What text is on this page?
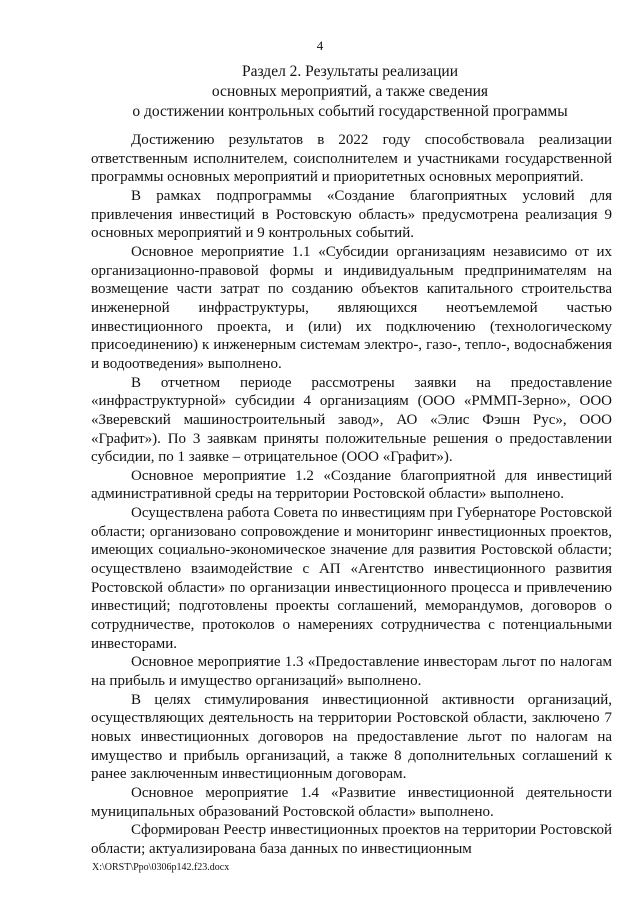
4
Раздел 2. Результаты реализации
основных мероприятий, а также сведения
о достижении контрольных событий государственной программы

Достижению результатов в 2022 году способствовала реализации ответственным исполнителем, соисполнителем и участниками государственной программы основных мероприятий и приоритетных основных мероприятий.

В рамках подпрограммы «Создание благоприятных условий для привлечения инвестиций в Ростовскую область» предусмотрена реализация 9 основных мероприятий и 9 контрольных событий.

Основное мероприятие 1.1 «Субсидии организациям независимо от их организационно-правовой формы и индивидуальным предпринимателям на возмещение части затрат по созданию объектов капитального строительства инженерной инфраструктуры, являющихся неотъемлемой частью инвестиционного проекта, и (или) их подключению (технологическому присоединению) к инженерным системам электро-, газо-, тепло-, водоснабжения и водоотведения» выполнено.

В отчетном периоде рассмотрены заявки на предоставление «инфраструктурной» субсидии 4 организациям (ООО «РММП-Зерно», ООО «Зверевский машиностроительный завод», АО «Элис Фэшн Рус», ООО «Графит»). По 3 заявкам приняты положительные решения о предоставлении субсидии, по 1 заявке – отрицательное (ООО «Графит»).

Основное мероприятие 1.2 «Создание благоприятной для инвестиций административной среды на территории Ростовской области» выполнено.

Осуществлена работа Совета по инвестициям при Губернаторе Ростовской области; организовано сопровождение и мониторинг инвестиционных проектов, имеющих социально-экономическое значение для развития Ростовской области; осуществлено взаимодействие с АП «Агентство инвестиционного развития Ростовской области» по организации инвестиционного процесса и привлечению инвестиций; подготовлены проекты соглашений, меморандумов, договоров о сотрудничестве, протоколов о намерениях сотрудничества с потенциальными инвесторами.

Основное мероприятие 1.3 «Предоставление инвесторам льгот по налогам на прибыль и имущество организаций» выполнено.

В целях стимулирования инвестиционной активности организаций, осуществляющих деятельность на территории Ростовской области, заключено 7 новых инвестиционных договоров на предоставление льгот по налогам на имущество и прибыль организаций, а также 8 дополнительных соглашений к ранее заключенным инвестиционным договорам.

Основное мероприятие 1.4 «Развитие инвестиционной деятельности муниципальных образований Ростовской области» выполнено.

Сформирован Реестр инвестиционных проектов на территории Ростовской области; актуализирована база данных по инвестиционным

X:\ORST\Ppo\0306p142.f23.docx
